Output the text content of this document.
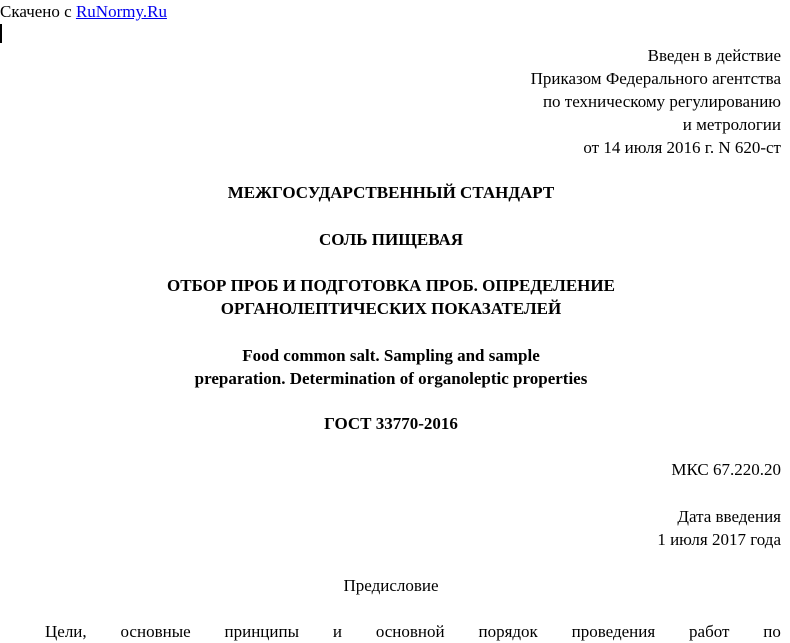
Скачено с RuNormy.Ru
Введен в действие
Приказом Федерального агентства
по техническому регулированию
и метрологии
от 14 июля 2016 г. N 620-ст
МЕЖГОСУДАРСТВЕННЫЙ СТАНДАРТ
СОЛЬ ПИЩЕВАЯ
ОТБОР ПРОБ И ПОДГОТОВКА ПРОБ. ОПРЕДЕЛЕНИЕ
ОРГАНОЛЕПТИЧЕСКИХ ПОКАЗАТЕЛЕЙ
Food common salt. Sampling and sample
preparation. Determination of organoleptic properties
ГОСТ 33770-2016
МКС 67.220.20
Дата введения
1 июля 2017 года
Предисловие
Цели, основные принципы и основной порядок проведения работ по
